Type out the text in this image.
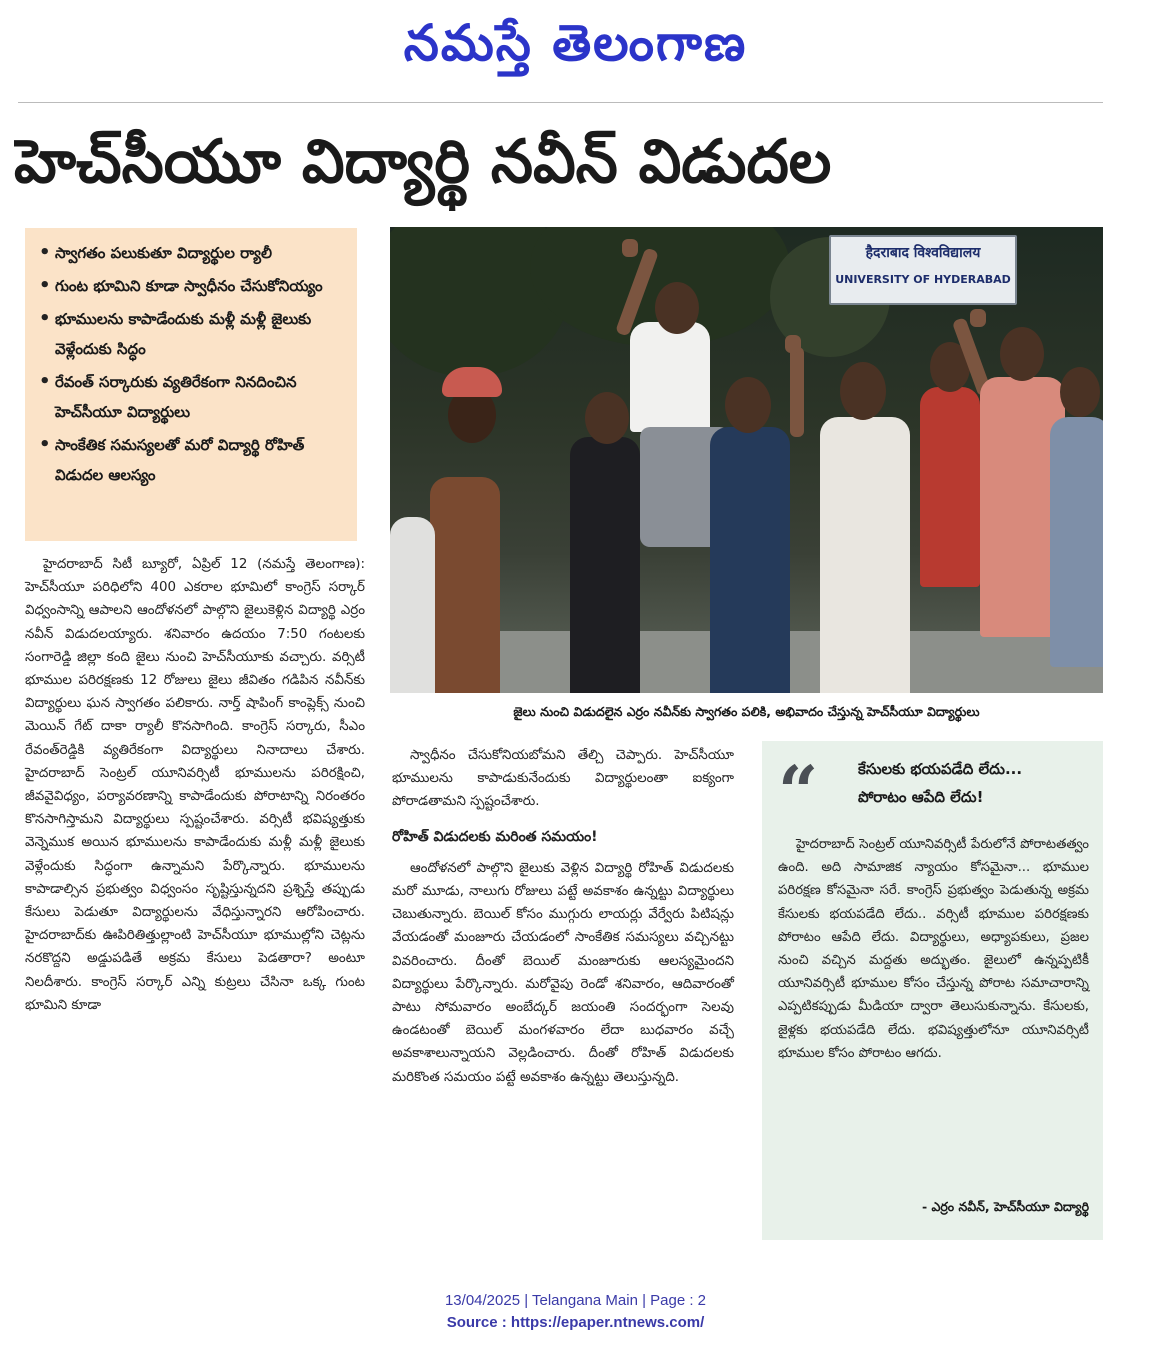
నమస్తే తెలంగాణ
హెచ్‌సీయూ విద్యార్థి నవీన్ విడుదల
• స్వాగతం పలుకుతూ విద్యార్థుల ర్యాలీ
• గుంట భూమిని కూడా స్వాధీనం చేసుకోనియ్యం
• భూములను కాపాడేందుకు మళ్లీ మళ్లీ జైలుకు వెళ్లేందుకు సిద్ధం
• రేవంత్ సర్కారుకు వ్యతిరేకంగా నినదించిన హెచ్‌సీయూ విద్యార్థులు
• సాంకేతిక సమస్యలతో మరో విద్యార్థి రోహిత్ విడుదల ఆలస్యం
हैदराबाद विश्वविद्यालय
UNIVERSITY OF HYDERABAD
జైలు నుంచి విడుదలైన ఎర్రం నవీన్‌కు స్వాగతం పలికి, అభివాదం చేస్తున్న హెచ్‌సీయూ విద్యార్థులు

హైదరాబాద్ సిటీ బ్యూరో, ఏప్రిల్ 12 (నమస్తే తెలంగాణ): హెచ్‌సీయూ పరిధిలోని 400 ఎకరాల భూమిలో కాంగ్రెస్ సర్కార్ విధ్వంసాన్ని ఆపాలని ఆందోళనలో పాల్గొని జైలుకెళ్లిన విద్యార్థి ఎర్రం నవీన్ విడుదలయ్యారు. శనివారం ఉదయం 7:50 గంటలకు సంగారెడ్డి జిల్లా కంది జైలు నుంచి హెచ్‌సీయూకు వచ్చారు. వర్సిటీ భూముల పరిరక్షణకు 12 రోజులు జైలు జీవితం గడిపిన నవీన్‌కు విద్యార్థులు ఘన స్వాగతం పలికారు. నార్త్ షాపింగ్ కాంప్లెక్స్ నుంచి మెయిన్ గేట్ దాకా ర్యాలీ కొనసాగింది. కాంగ్రెస్ సర్కారు, సీఎం రేవంత్‌రెడ్డికి వ్యతిరేకంగా విద్యార్థులు నినాదాలు చేశారు. హైదరాబాద్ సెంట్రల్ యూనివర్సిటీ భూములను పరిరక్షించి, జీవవైవిధ్యం, పర్యావరణాన్ని కాపాడేందుకు పోరాటాన్ని నిరంతరం కొనసాగిస్తామని విద్యార్థులు స్పష్టంచేశారు. వర్సిటీ భవిష్యత్తుకు వెన్నెముక అయిన భూములను కాపాడేందుకు మళ్లీ మళ్లీ జైలుకు వెళ్లేందుకు సిద్ధంగా ఉన్నామని పేర్కొన్నారు. భూములను కాపాడాల్సిన ప్రభుత్వం విధ్వంసం సృష్టిస్తున్నదని ప్రశ్నిస్తే తప్పుడు కేసులు పెడుతూ విద్యార్థులను వేధిస్తున్నారని ఆరోపించారు. హైదరాబాద్‌కు ఊపిరితిత్తుల్లాంటి హెచ్‌సీయూ భూముల్లోని చెట్లను నరకొద్దని అడ్డుపడితే అక్రమ కేసులు పెడతారా? అంటూ నిలదీశారు. కాంగ్రెస్ సర్కార్ ఎన్ని కుట్రలు చేసినా ఒక్క గుంట భూమిని కూడా

స్వాధీనం చేసుకోనియబోమని తేల్చి చెప్పారు. హెచ్‌సీయూ భూములను కాపాడుకునేందుకు విద్యార్థులంతా ఐక్యంగా పోరాడతామని స్పష్టంచేశారు.

రోహిత్ విడుదలకు మరింత సమయం!

ఆందోళనలో పాల్గొని జైలుకు వెళ్లిన విద్యార్థి రోహిత్ విడుదలకు మరో మూడు, నాలుగు రోజులు పట్టే అవకాశం ఉన్నట్టు విద్యార్థులు చెబుతున్నారు. బెయిల్ కోసం ముగ్గురు లాయర్లు వేర్వేరు పిటిషన్లు వేయడంతో మంజూరు చేయడంలో సాంకేతిక సమస్యలు వచ్చినట్టు వివరించారు. దీంతో బెయిల్ మంజూరుకు ఆలస్యమైందని విద్యార్థులు పేర్కొన్నారు. మరోవైపు రెండో శనివారం, ఆదివారంతో పాటు సోమవారం అంబేద్కర్ జయంతి సందర్భంగా సెలవు ఉండటంతో బెయిల్ మంగళవారం లేదా బుధవారం వచ్చే అవకాశాలున్నాయని వెల్లడించారు. దీంతో రోహిత్ విడుదలకు మరికొంత సమయం పట్టే అవకాశం ఉన్నట్టు తెలుస్తున్నది.

“	కేసులకు భయపడేది లేదు...
పోరాటం ఆపేది లేదు!
హైదరాబాద్ సెంట్రల్ యూనివర్సిటీ పేరులోనే పోరాటతత్వం ఉంది. అది సామాజిక న్యాయం కోసమైనా... భూముల పరిరక్షణ కోసమైనా సరే. కాంగ్రెస్ ప్రభుత్వం పెడుతున్న అక్రమ కేసులకు భయపడేది లేదు.. వర్సిటీ భూముల పరిరక్షణకు పోరాటం ఆపేది లేదు. విద్యార్థులు, అధ్యాపకులు, ప్రజల నుంచి వచ్చిన మద్దతు అద్భుతం. జైలులో ఉన్నప్పటికీ యూనివర్సిటీ భూముల కోసం చేస్తున్న పోరాట సమాచారాన్ని ఎప్పటికప్పుడు మీడియా ద్వారా తెలుసుకున్నాను. కేసులకు, జైళ్లకు భయపడేది లేదు. భవిష్యత్తులోనూ యూనివర్సిటీ భూముల కోసం పోరాటం ఆగదు.
- ఎర్రం నవీన్, హెచ్‌సీయూ విద్యార్థి
13/04/2025 | Telangana Main | Page : 2
Source : https://epaper.ntnews.com/
